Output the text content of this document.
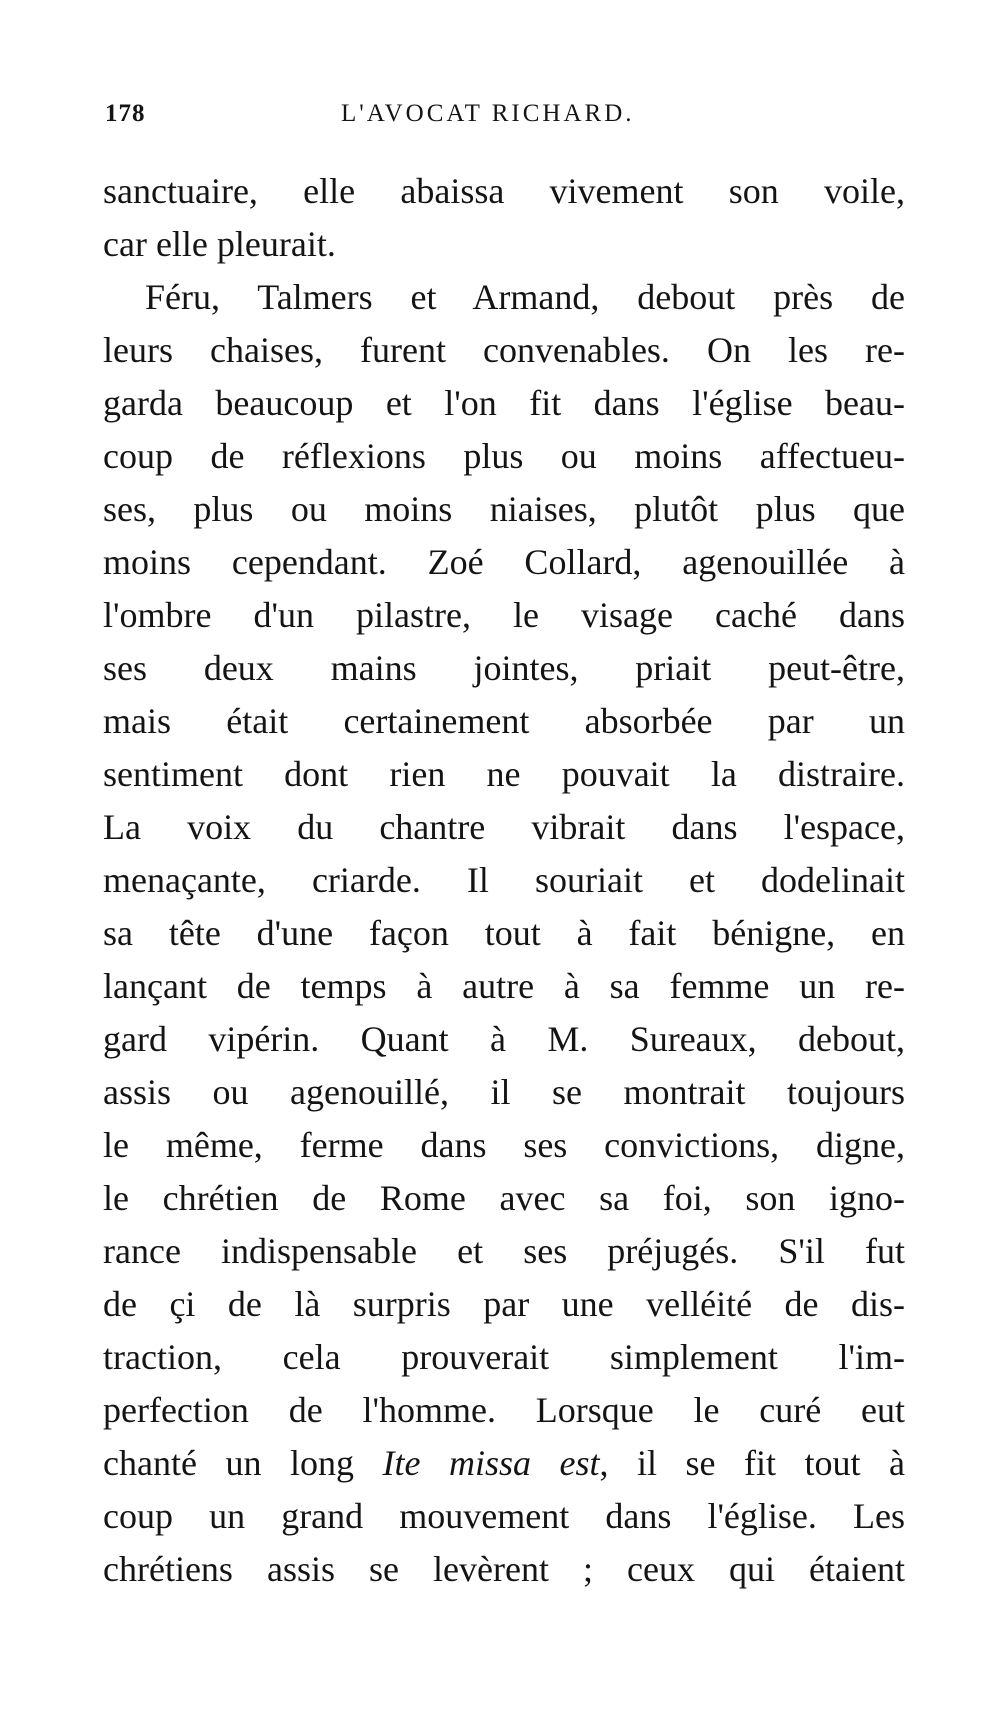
178	L'AVOCAT RICHARD.
sanctuaire, elle abaissa vivement son voile,
car elle pleurait.
Féru, Talmers et Armand, debout près de
leurs chaises, furent convenables. On les re-
garda beaucoup et l'on fit dans l'église beau-
coup de réflexions plus ou moins affectueu-
ses, plus ou moins niaises, plutôt plus que
moins cependant. Zoé Collard, agenouillée à
l'ombre d'un pilastre, le visage caché dans
ses deux mains jointes, priait peut-être,
mais était certainement absorbée par un
sentiment dont rien ne pouvait la distraire.
La voix du chantre vibrait dans l'espace,
menaçante, criarde. Il souriait et dodelinait
sa tête d'une façon tout à fait bénigne, en
lançant de temps à autre à sa femme un re-
gard vipérin. Quant à M. Sureaux, debout,
assis ou agenouillé, il se montrait toujours
le même, ferme dans ses convictions, digne,
le chrétien de Rome avec sa foi, son igno-
rance indispensable et ses préjugés. S'il fut
de çi de là surpris par une velléité de dis-
traction, cela prouverait simplement l'im-
perfection de l'homme. Lorsque le curé eut
chanté un long Ite missa est, il se fit tout à
coup un grand mouvement dans l'église. Les
chrétiens assis se levèrent ; ceux qui étaient
